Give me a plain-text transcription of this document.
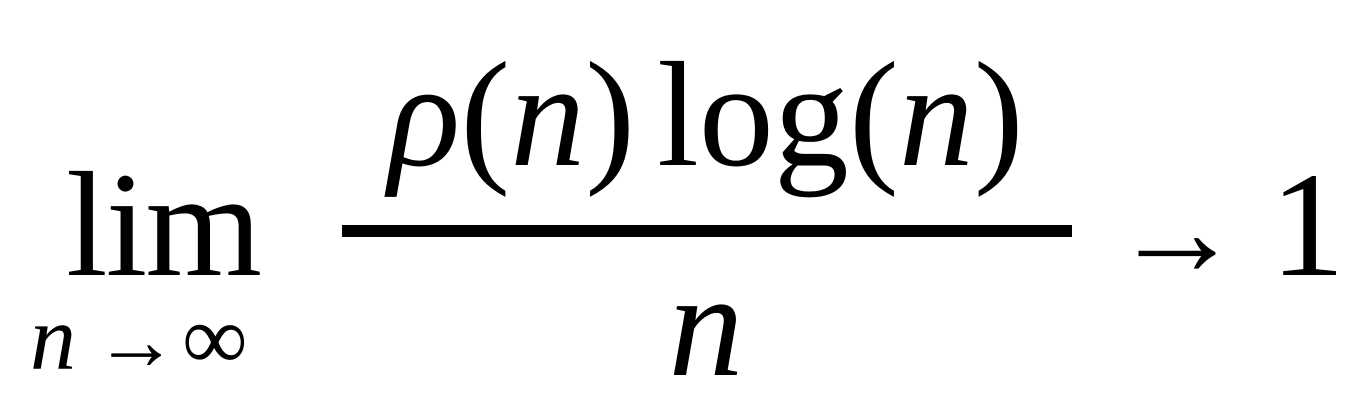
lim
n →∞
ρ(n) log(n)
n
→ 1
